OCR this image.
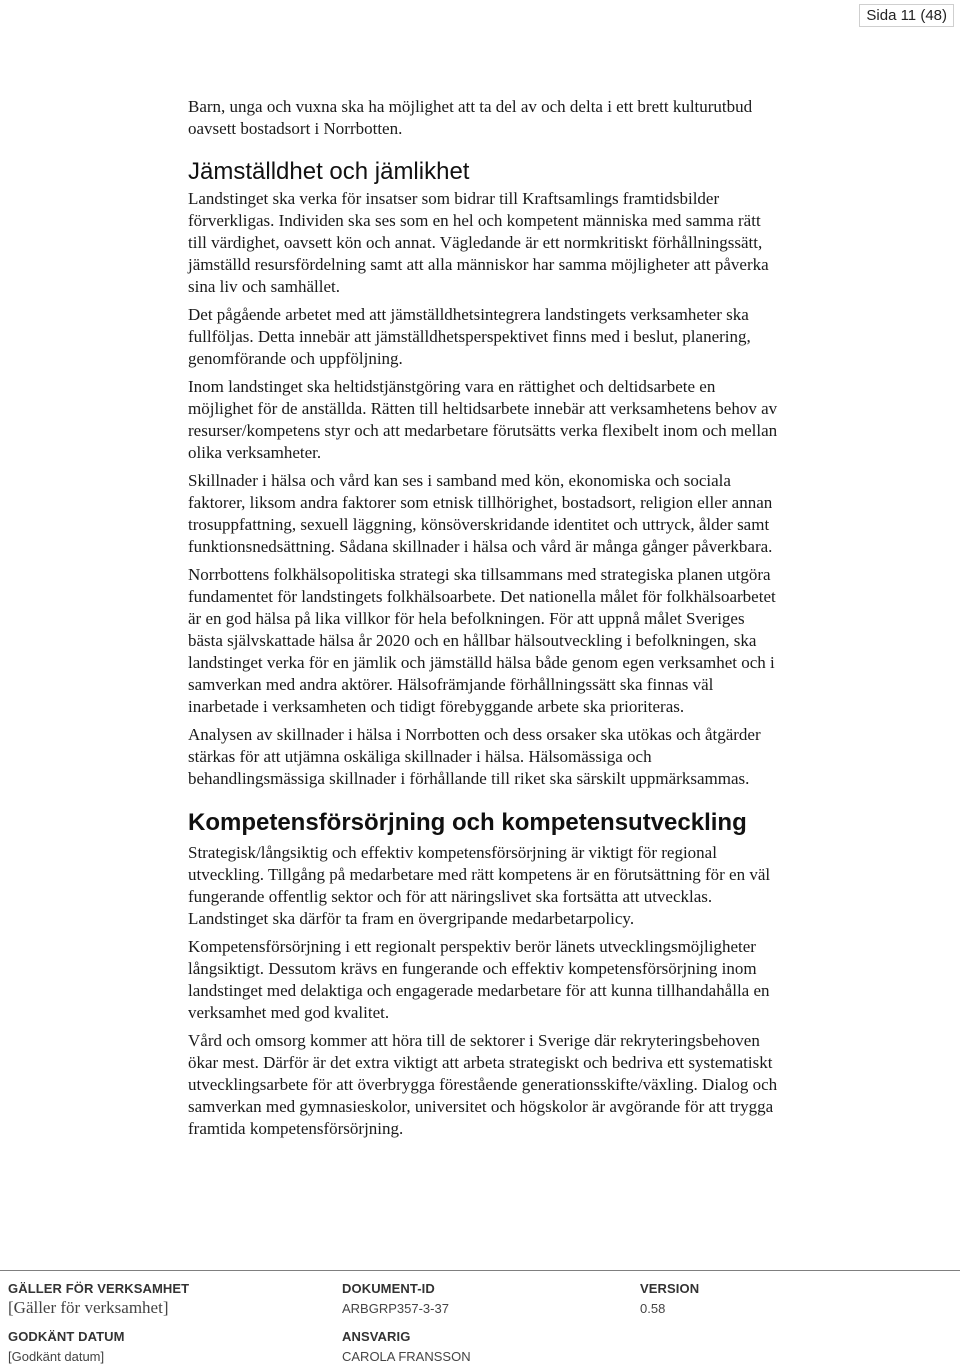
Sida 11 (48)

Barn, unga och vuxna ska ha möjlighet att ta del av och delta i ett brett kulturutbud oavsett bostadsort i Norrbotten.

Jämställdhet och jämlikhet

Landstinget ska verka för insatser som bidrar till Kraftsamlings framtidsbilder förverkligas. Individen ska ses som en hel och kompetent människa med samma rätt till värdighet, oavsett kön och annat. Vägledande är ett normkritiskt förhållningssätt, jämställd resursfördelning samt att alla människor har samma möjligheter att påverka sina liv och samhället.

Det pågående arbetet med att jämställdhetsintegrera landstingets verksamheter ska fullföljas. Detta innebär att jämställdhetsperspektivet finns med i beslut, planering, genomförande och uppföljning.

Inom landstinget ska heltidstjänstgöring vara en rättighet och deltidsarbete en möjlighet för de anställda. Rätten till heltidsarbete innebär att verksamhetens behov av resurser/kompetens styr och att medarbetare förutsätts verka flexibelt inom och mellan olika verksamheter.

Skillnader i hälsa och vård kan ses i samband med kön, ekonomiska och sociala faktorer, liksom andra faktorer som etnisk tillhörighet, bostadsort, religion eller annan trosuppfattning, sexuell läggning, könsöverskridande identitet och uttryck, ålder samt funktionsnedsättning. Sådana skillnader i hälsa och vård är många gånger påverkbara.

Norrbottens folkhälsopolitiska strategi ska tillsammans med strategiska planen utgöra fundamentet för landstingets folkhälsoarbete. Det nationella målet för folkhälsoarbetet är en god hälsa på lika villkor för hela befolkningen. För att uppnå målet Sveriges bästa självskattade hälsa år 2020 och en hållbar hälsoutveckling i befolkningen, ska landstinget verka för en jämlik och jämställd hälsa både genom egen verksamhet och i samverkan med andra aktörer. Hälsofrämjande förhållningssätt ska finnas väl inarbetade i verksamheten och tidigt förebyggande arbete ska prioriteras.

Analysen av skillnader i hälsa i Norrbotten och dess orsaker ska utökas och åtgärder stärkas för att utjämna oskäliga skillnader i hälsa. Hälsomässiga och behandlingsmässiga skillnader i förhållande till riket ska särskilt uppmärksammas.

Kompetensförsörjning och kompetensutveckling

Strategisk/långsiktig och effektiv kompetensförsörjning är viktigt för regional utveckling. Tillgång på medarbetare med rätt kompetens är en förutsättning för en väl fungerande offentlig sektor och för att näringslivet ska fortsätta att utvecklas. Landstinget ska därför ta fram en övergripande medarbetarpolicy.

Kompetensförsörjning i ett regionalt perspektiv berör länets utvecklingsmöjligheter långsiktigt. Dessutom krävs en fungerande och effektiv kompetensförsörjning inom landstinget med delaktiga och engagerade medarbetare för att kunna tillhandahålla en verksamhet med god kvalitet.

Vård och omsorg kommer att höra till de sektorer i Sverige där rekryteringsbehoven ökar mest. Därför är det extra viktigt att arbeta strategiskt och bedriva ett systematiskt utvecklingsarbete för att överbrygga förestående generationsskifte/växling. Dialog och samverkan med gymnasieskolor, universitet och högskolor är avgörande för att trygga framtida kompetensförsörjning.

GÄLLER FÖR VERKSAMHET
[Gäller för verksamhet]
DOKUMENT-ID
ARBGRP357-3-37
VERSION
0.58
GODKÄNT DATUM
[Godkänt datum]
ANSVARIG
CAROLA FRANSSON
